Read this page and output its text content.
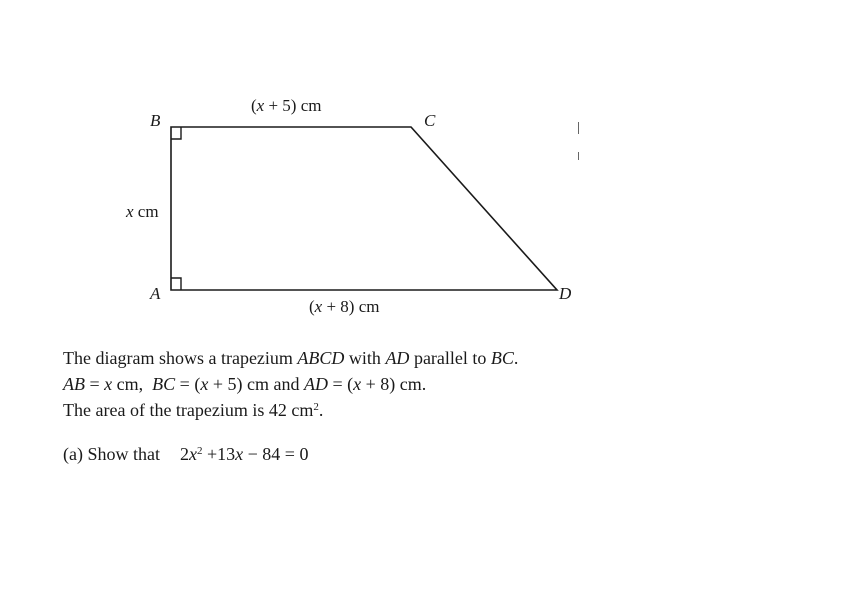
B	C
A	D
(x + 5) cm
x cm
(x + 8) cm
The diagram shows a trapezium ABCD with AD parallel to BC.
AB = x cm,  BC = (x + 5) cm and AD = (x + 8) cm.
The area of the trapezium is 42 $cm^2$.
(a) Show that $2x^2 +13x - 84 = 0$
